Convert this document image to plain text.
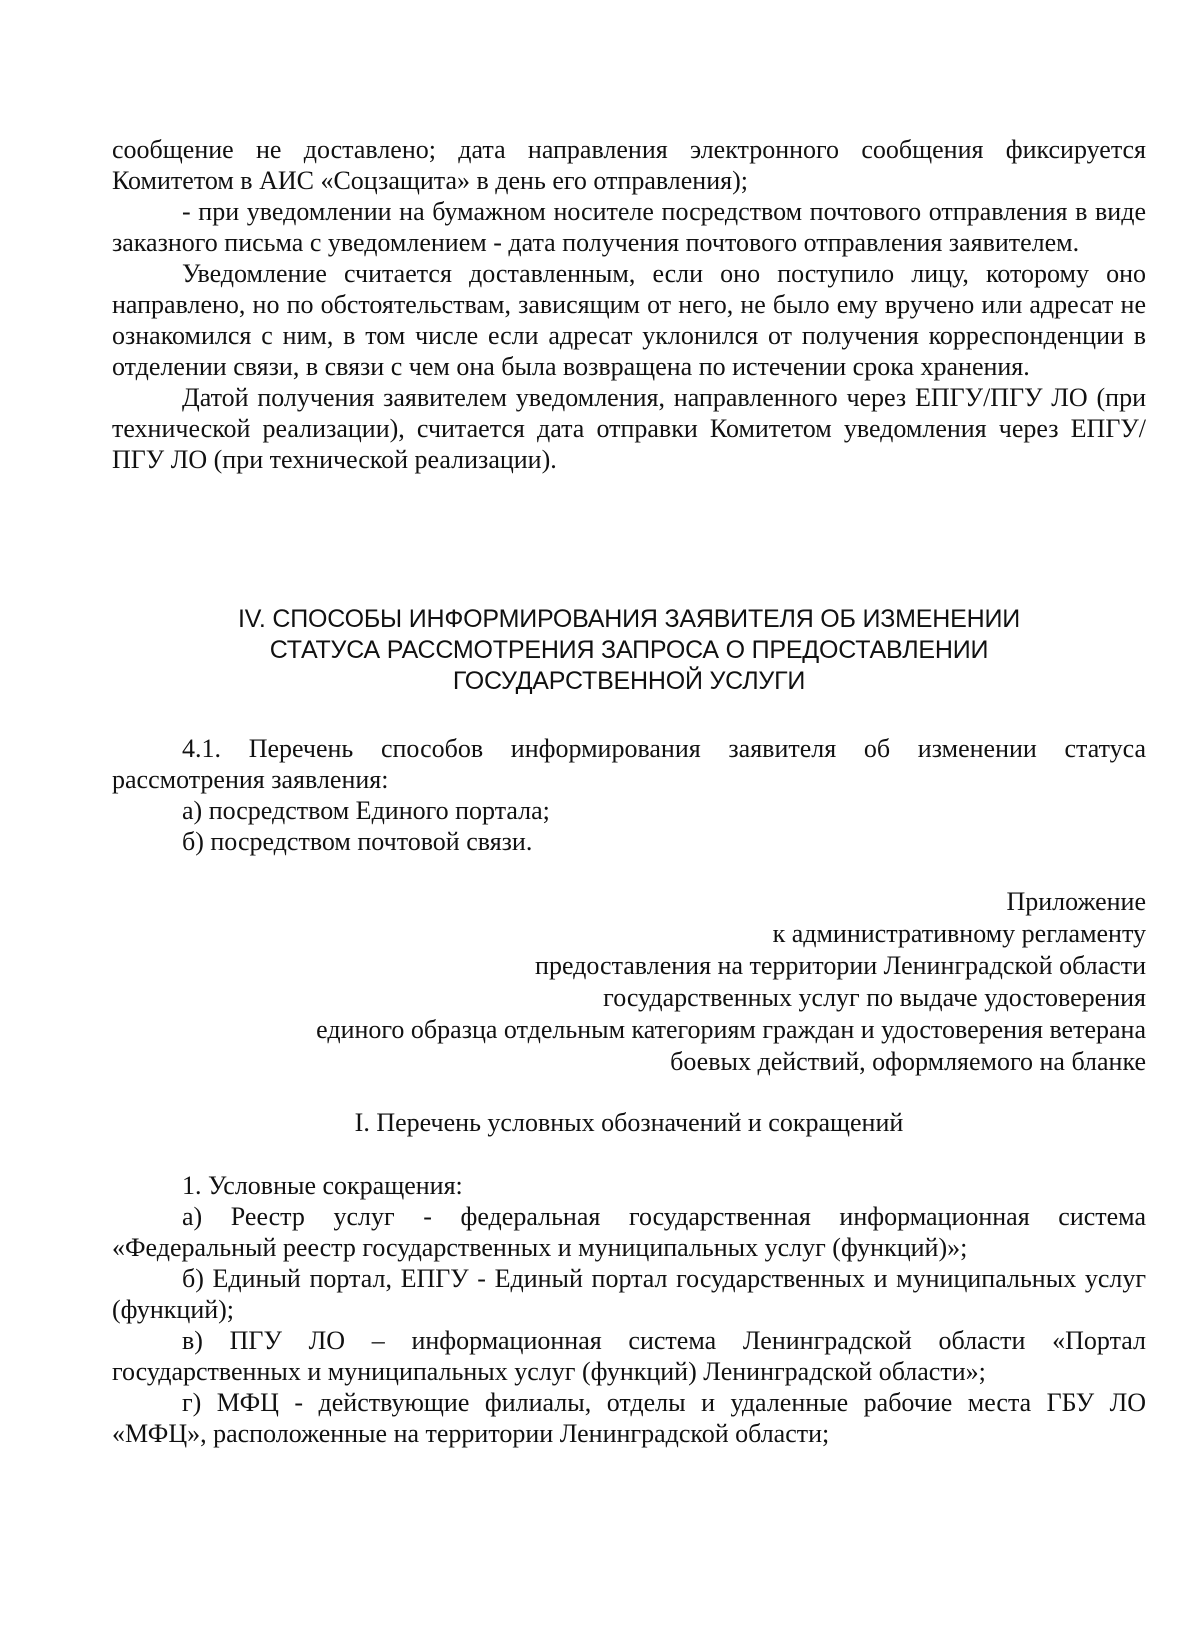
сообщение не доставлено; дата направления электронного сообщения фиксируется Комитетом в АИС «Соцзащита» в день его отправления);

- при уведомлении на бумажном носителе посредством почтового отправления в виде заказного письма с уведомлением - дата получения почтового отправления заявителем.

Уведомление считается доставленным, если оно поступило лицу, которому оно направлено, но по обстоятельствам, зависящим от него, не было ему вручено или адресат не ознакомился с ним, в том числе если адресат уклонился от получения корреспонденции в отделении связи, в связи с чем она была возвращена по истечении срока хранения.

Датой получения заявителем уведомления, направленного через ЕПГУ/ПГУ ЛО (при технической реализации), считается дата отправки Комитетом уведомления через ЕПГУ/ПГУ ЛО (при технической реализации).

IV. СПОСОБЫ ИНФОРМИРОВАНИЯ ЗАЯВИТЕЛЯ ОБ ИЗМЕНЕНИИ
СТАТУСА РАССМОТРЕНИЯ ЗАПРОСА О ПРЕДОСТАВЛЕНИИ
ГОСУДАРСТВЕННОЙ УСЛУГИ

4.1. Перечень способов информирования заявителя об изменении статуса рассмотрения заявления:

а) посредством Единого портала;

б) посредством почтовой связи.

Приложение
к административному регламенту
предоставления на территории Ленинградской области
государственных услуг по выдаче удостоверения
единого образца отдельным категориям граждан и удостоверения ветерана
боевых действий, оформляемого на бланке
I. Перечень условных обозначений и сокращений

1. Условные сокращения:

а) Реестр услуг - федеральная государственная информационная система «Федеральный реестр государственных и муниципальных услуг (функций)»;

б) Единый портал, ЕПГУ - Единый портал государственных и муниципальных услуг (функций);

в) ПГУ ЛО – информационная система Ленинградской области «Портал государственных и муниципальных услуг (функций) Ленинградской области»;

г) МФЦ - действующие филиалы, отделы и удаленные рабочие места ГБУ ЛО «МФЦ», расположенные на территории Ленинградской области;
